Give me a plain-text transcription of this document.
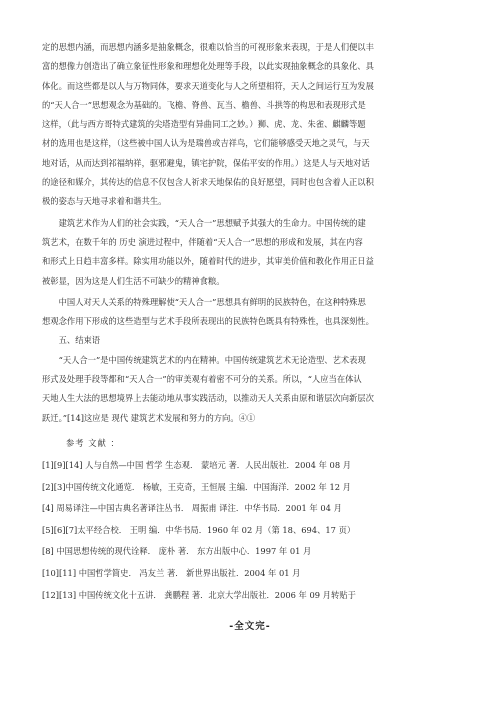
定的思想内涵，而思想内涵多是抽象概念，很难以恰当的可视形象来表现，于是人们便以丰

富的想像力创造出了确立象征性形象和理想化处理等手段，以此实现抽象概念的具象化、具

体化。而这些都是以人与万物同体，要求天道变化与人之所望相符，天人之间运行互为发展

的“天人合一”思想观念为基础的。飞檐、脊兽、瓦当、檐兽、斗拱等的构思和表现形式是

这样，（此与西方哥特式建筑的尖塔造型有异曲同工之妙。）狮、虎、龙、朱雀、麒麟等题

材的选用也是这样，（这些被中国人认为是瑞兽或吉祥鸟，它们能够感受天地之灵气，与天

地对话，从而达到祁福纳祥，驱邪避鬼，镇宅护院，保佑平安的作用。）这是人与天地对话

的途径和媒介，其传达的信息不仅包含人祈求天地保佑的良好愿望，同时也包含着人正以积

极的姿态与天地寻求着和谐共生。

建筑艺术作为人们的社会实践，“天人合一”思想赋予其强大的生命力。中国传统的建

筑艺术，在数千年的 历史 演进过程中，伴随着“天人合一”思想的形成和发展，其在内容

和形式上日趋丰富多样。除实用功能以外，随着时代的进步，其审美价值和教化作用正日益

被彰显，因为这是人们生活不可缺少的精神食粮。

中国人对天人关系的特殊理解使“天人合一”思想具有鲜明的民族特色，在这种特殊思

想观念作用下形成的这些造型与艺术手段所表现出的民族特色既具有特殊性，也具深刻性。

五、结束语

“天人合一”是中国传统建筑艺术的内在精神。中国传统建筑艺术无论造型、艺术表现

形式及处理手段等都和“天人合一”的审美观有着密不可分的关系。所以，“人应当在体认

天地人生大法的思想境界上去能动地从事实践活动，以推动天人关系由原和谐层次向新层次

跃迁。”[14]这应是 现代 建筑艺术发展和努力的方向。④①

参考 文献 ：
[1][9][14] 人与自然—中国 哲学 生态观． 蒙培元 著．人民出版社．2004 年 08 月
[2][3]中国传统文化通览． 杨敏，王克奇，王恒展 主编．中国海洋．2002 年 12 月
[4] 周易译注—中国古典名著译注丛书． 周振甫 译注．中华书局．2001 年 04 月
[5][6][7]太平经合校． 王明 编．中华书局．1960 年 02 月（第 18、694、17 页）
[8] 中国思想传统的现代诠释． 庞朴 著． 东方出版中心．1997 年 01 月
[10][11] 中国哲学简史． 冯友兰 著． 新世界出版社．2004 年 01 月
[12][13] 中国传统文化十五讲． 龚鹏程 著．北京大学出版社．2006 年 09 月转贴于
-全文完-
